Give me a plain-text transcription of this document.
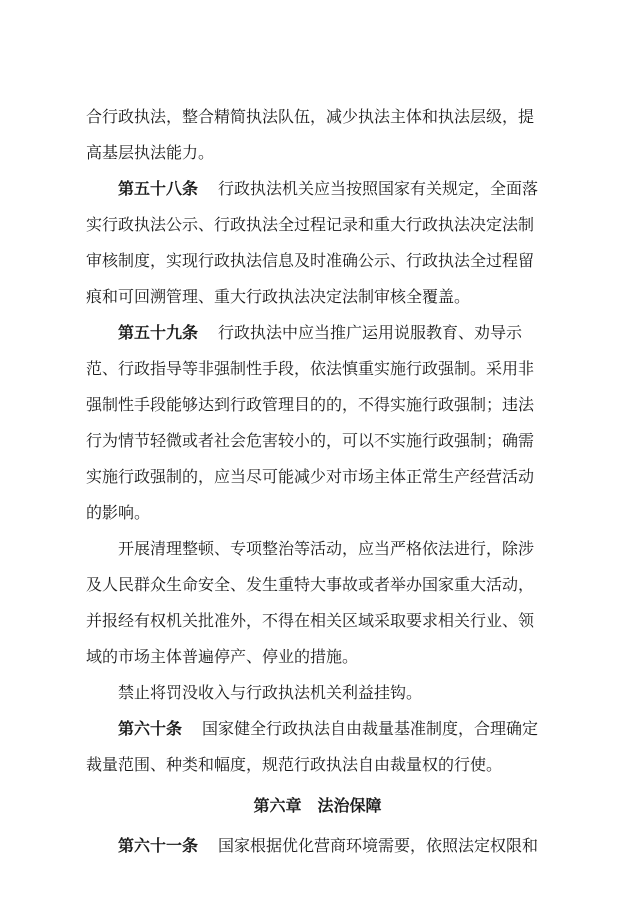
合行政执法，整合精简执法队伍，减少执法主体和执法层级，提
高基层执法能力。
第五十八条 行政执法机关应当按照国家有关规定，全面落
实行政执法公示、行政执法全过程记录和重大行政执法决定法制
审核制度，实现行政执法信息及时准确公示、行政执法全过程留
痕和可回溯管理、重大行政执法决定法制审核全覆盖。
第五十九条 行政执法中应当推广运用说服教育、劝导示
范、行政指导等非强制性手段，依法慎重实施行政强制。采用非
强制性手段能够达到行政管理目的的，不得实施行政强制；违法
行为情节轻微或者社会危害较小的，可以不实施行政强制；确需
实施行政强制的，应当尽可能减少对市场主体正常生产经营活动
的影响。
开展清理整顿、专项整治等活动，应当严格依法进行，除涉
及人民群众生命安全、发生重特大事故或者举办国家重大活动，
并报经有权机关批准外，不得在相关区域采取要求相关行业、领
域的市场主体普遍停产、停业的措施。
禁止将罚没收入与行政执法机关利益挂钩。
第六十条 国家健全行政执法自由裁量基准制度，合理确定
裁量范围、种类和幅度，规范行政执法自由裁量权的行使。
第六章　法治保障
第六十一条 国家根据优化营商环境需要，依照法定权限和
